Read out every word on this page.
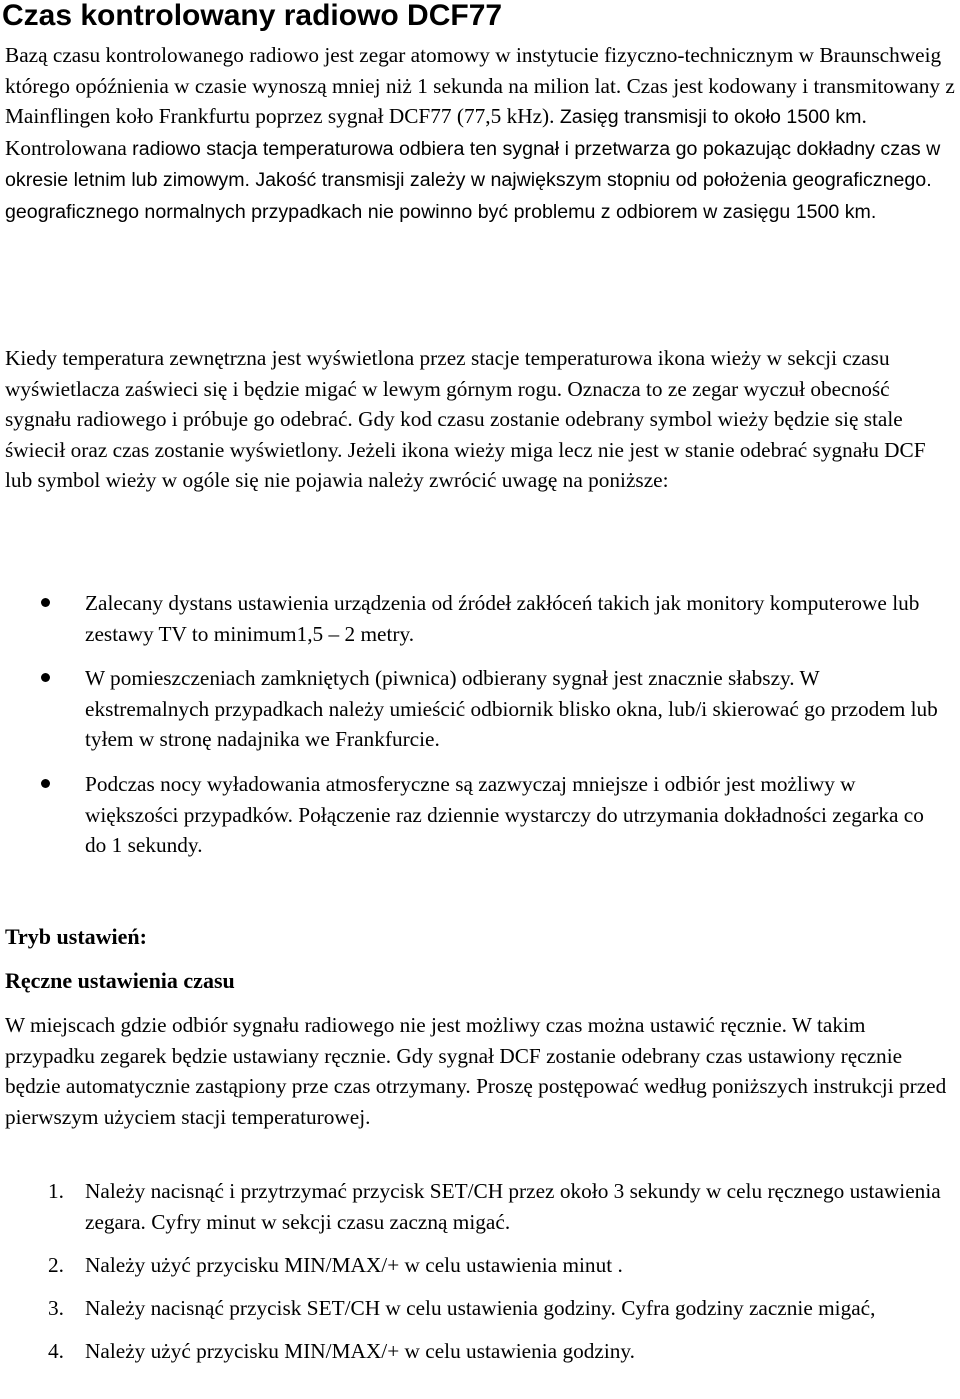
Czas kontrolowany radiowo DCF77

Bazą czasu kontrolowanego radiowo jest zegar atomowy w instytucie fizyczno-technicznym w Braunschweig którego opóźnienia w czasie wynoszą mniej niż 1 sekunda na milion lat. Czas jest kodowany i transmitowany z Mainflingen koło Frankfurtu poprzez sygnał DCF77 (77,5 kHz). Zasięg transmisji to około 1500 km. Kontrolowana radiowo stacja temperaturowa odbiera ten sygnał i przetwarza go pokazując dokładny czas w okresie letnim lub zimowym. Jakość transmisji zależy w największym stopniu od położenia geograficznego. geograficznego normalnych przypadkach nie powinno być problemu z odbiorem w zasięgu 1500 km.

Kiedy temperatura zewnętrzna jest wyświetlona przez stacje temperaturowa ikona wieży w sekcji czasu wyświetlacza zaświeci się i będzie migać w lewym górnym rogu. Oznacza to ze zegar wyczuł obecność sygnału radiowego i próbuje go odebrać. Gdy kod czasu zostanie odebrany symbol wieży będzie się stale świecił oraz czas zostanie wyświetlony. Jeżeli ikona wieży miga lecz nie jest w stanie odebrać sygnału DCF lub symbol wieży w ogóle się nie pojawia należy zwrócić uwagę na poniższe:

Zalecany dystans ustawienia urządzenia od źródeł zakłóceń takich jak monitory komputerowe lub zestawy TV to minimum1,5 – 2 metry.
W pomieszczeniach zamkniętych (piwnica) odbierany sygnał jest znacznie słabszy. W ekstremalnych przypadkach należy umieścić odbiornik blisko okna, lub/i skierować go przodem lub tyłem w stronę nadajnika we Frankfurcie.
Podczas nocy wyładowania atmosferyczne są zazwyczaj mniejsze i odbiór jest możliwy w większości przypadków. Połączenie raz dziennie wystarczy do utrzymania dokładności zegarka co do 1 sekundy.
Tryb ustawień:
Ręczne ustawienia czasu

W miejscach gdzie odbiór sygnału radiowego nie jest możliwy czas można ustawić ręcznie. W takim przypadku zegarek będzie ustawiany ręcznie. Gdy sygnał DCF zostanie odebrany czas ustawiony ręcznie będzie automatycznie zastąpiony prze czas otrzymany. Proszę postępować według poniższych instrukcji przed pierwszym użyciem stacji temperaturowej.

1. Należy nacisnąć i przytrzymać przycisk SET/CH przez około 3 sekundy w celu ręcznego ustawienia zegara. Cyfry minut w sekcji czasu zaczną migać.
2. Należy użyć przycisku MIN/MAX/+ w celu ustawienia minut .
3. Należy nacisnąć przycisk SET/CH w celu ustawienia godziny. Cyfra godziny zacznie migać,
4. Należy użyć przycisku MIN/MAX/+ w celu ustawienia godziny.
